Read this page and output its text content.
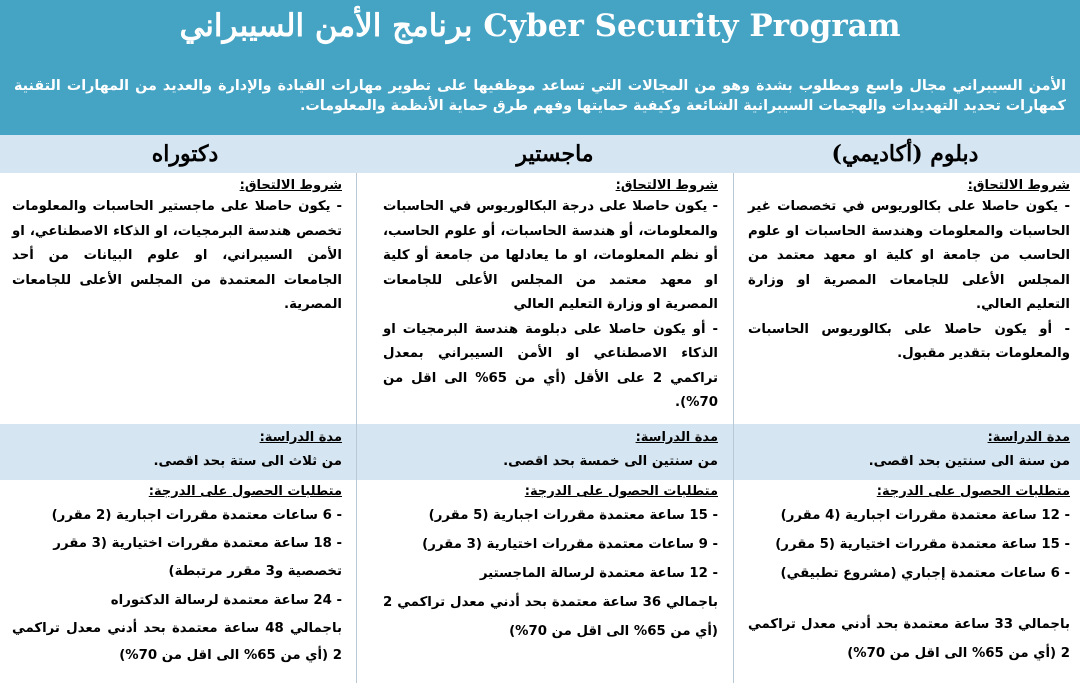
برنامج الأمن السيبراني Cyber Security Program
الأمن السيبراني مجال واسع ومطلوب بشدة وهو من المجالات التي تساعد موظفيها على تطوير مهارات القيادة والإدارة والعديد من المهارات التقنية كمهارات تحديد التهديدات والهجمات السيبرانية الشائعة وكيفية حمايتها وفهم طرق حماية الأنظمة والمعلومات.
دبلوم (أكاديمي)
ماجستير
دكتوراه
شروط الالتحاق:
- يكون حاصلا على بكالوريوس في تخصصات غير الحاسبات والمعلومات وهندسة الحاسبات او علوم الحاسب من جامعة او كلية او معهد معتمد من المجلس الأعلى للجامعات المصرية او وزارة التعليم العالي.
- أو يكون حاصلا على بكالوريوس الحاسبات والمعلومات بتقدير مقبول.
شروط الالتحاق:
- يكون حاصلا على درجة البكالوريوس في الحاسبات والمعلومات، أو هندسة الحاسبات، أو علوم الحاسب، أو نظم المعلومات، او ما يعادلها من جامعة أو كلية او معهد معتمد من المجلس الأعلى للجامعات المصرية او وزارة التعليم العالي
- أو يكون حاصلا على دبلومة هندسة البرمجيات او الذكاء الاصطناعي او الأمن السيبراني بمعدل تراكمي 2 على الأقل (أي من 65% الى اقل من 70%).
شروط الالتحاق:
- يكون حاصلا على ماجستير الحاسبات والمعلومات تخصص هندسة البرمجيات، او الذكاء الاصطناعي، او الأمن السيبراني، او علوم البيانات من أحد الجامعات المعتمدة من المجلس الأعلى للجامعات المصرية.
مدة الدراسة:
من سنة الى سنتين بحد اقصى.
مدة الدراسة:
من سنتين الى خمسة بحد اقصى.
مدة الدراسة:
من ثلاث الى ستة بحد اقصى.
متطلبات الحصول على الدرجة:
- 12 ساعة معتمدة مقررات اجبارية (4 مقرر)
- 15 ساعة معتمدة مقررات اختيارية (5 مقرر)
- 6 ساعات معتمدة إجباري (مشروع تطبيقي)
باجمالي 33 ساعة معتمدة بحد أدني معدل تراكمي 2 (أي من 65% الى اقل من 70%)
متطلبات الحصول على الدرجة:
- 15 ساعة معتمدة مقررات اجبارية (5 مقرر)
- 9 ساعات معتمدة مقررات اختيارية (3 مقرر)
- 12 ساعة معتمدة لرسالة الماجستير
باجمالي 36 ساعة معتمدة بحد أدني معدل تراكمي 2 (أي من 65% الى اقل من 70%)
متطلبات الحصول على الدرجة:
- 6 ساعات معتمدة مقررات اجبارية (2 مقرر)
- 18 ساعة معتمدة مقررات اختيارية (3 مقرر تخصصية و3 مقرر مرتبطة)
- 24 ساعة معتمدة لرسالة الدكتوراه
باجمالي 48 ساعة معتمدة بحد أدني معدل تراكمي 2 (أي من 65% الى اقل من 70%)
